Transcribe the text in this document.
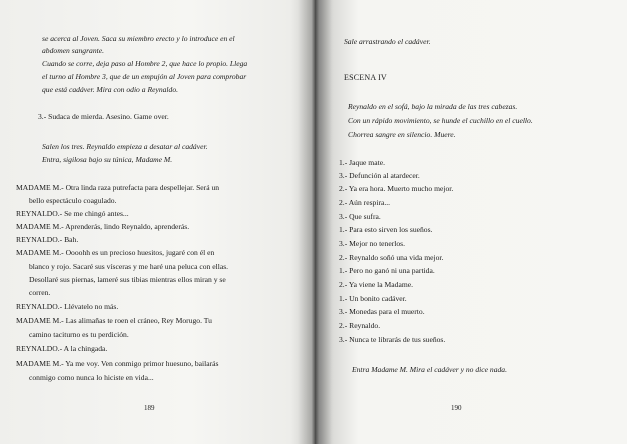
se acerca al Joven. Saca su miembro erecto y lo introduce en el
abdomen sangrante.
Cuando se corre, deja paso al Hombre 2, que hace lo propio. Llega
el turno al Hombre 3, que de un empujón al Joven para comprobar
que está cadáver. Mira con odio a Reynaldo.
3.- Sudaca de mierda. Asesino. Game over.
Salen los tres. Reynaldo empieza a desatar al cadáver.
Entra, sigilosa bajo su túnica, Madame M.
MADAME M.- Otra linda raza putrefacta para despellejar. Será un
bello espectáculo coagulado.
REYNALDO.- Se me chingó antes...
MADAME M.- Aprenderás, lindo Reynaldo, aprenderás.
REYNALDO.- Bah.
MADAME M.- Oooohh es un precioso huesitos, jugaré con él en
blanco y rojo. Sacaré sus vísceras y me haré una peluca con ellas.
Desollaré sus piernas, lameré sus tibias mientras ellos miran y se
corren.
REYNALDO.- Llévatelo no más.
MADAME M.- Las alimañas te roen el cráneo, Rey Morugo. Tu
camino taciturno es tu perdición.
REYNALDO.- A la chingada.
MADAME M.- Ya me voy. Ven conmigo primor huesuno, bailarás
conmigo como nunca lo hiciste en vida...
189
Sale arrastrando el cadáver.
ESCENA IV
Reynaldo en el sofá, bajo la mirada de las tres cabezas.
Con un rápido movimiento, se hunde el cuchillo en el cuello.
Chorrea sangre en silencio. Muere.
1.- Jaque mate.
3.- Defunción al atardecer.
2.- Ya era hora. Muerto mucho mejor.
2.- Aún respira...
3.- Que sufra.
1.- Para esto sirven los sueños.
3.- Mejor no tenerlos.
2.- Reynaldo soñó una vida mejor.
1.- Pero no ganó ni una partida.
2.- Ya viene la Madame.
1.- Un bonito cadáver.
3.- Monedas para el muerto.
2.- Reynaldo.
3.- Nunca te librarás de tus sueños.
Entra Madame M. Mira el cadáver y no dice nada.
190
